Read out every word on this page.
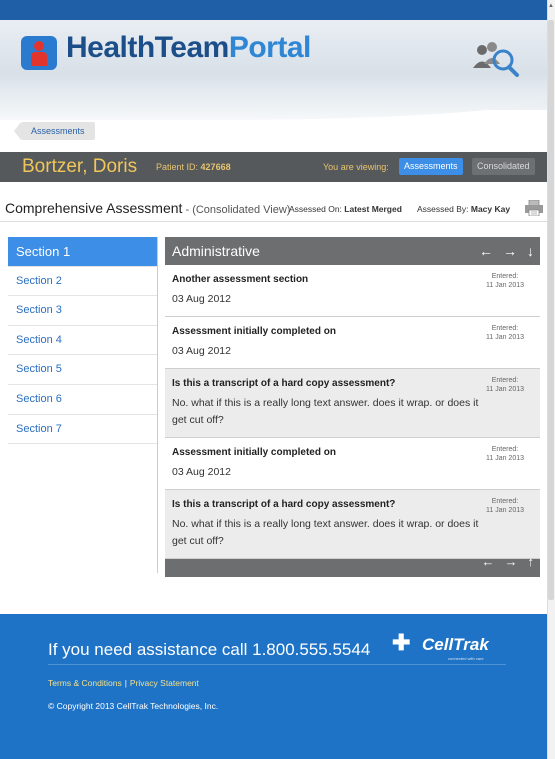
HealthTeamPortal
Assessments
Bortzer, Doris Patient ID: 427668	You are viewing:	Assessments	Consolidated
Comprehensive Assessment - (Consolidated View)
Assessed On: Latest Merged Assessed By: Macy Kay
Section 1
Section 2
Section 3
Section 4
Section 5
Section 6
Section 7
Administrative	← → ↓
Another assessment section
03 Aug 2012
Entered:
11 Jan 2013
Assessment initially completed on
03 Aug 2012
Entered:
11 Jan 2013
Is this a transcript of a hard copy assessment?
No. what if this is a really long text answer. does it wrap. or does it get cut off?
Entered:
11 Jan 2013
Assessment initially completed on
03 Aug 2012
Entered:
11 Jan 2013
Is this a transcript of a hard copy assessment?
No. what if this is a really long text answer. does it wrap. or does it get cut off?
Entered:
11 Jan 2013
← → ↑
If you need assistance call 1.800.555.5544 ✚ CellTrak
connected with care
Terms & Conditions | Privacy Statement
© Copyright 2013 CellTrak Technologies, Inc.
▲
